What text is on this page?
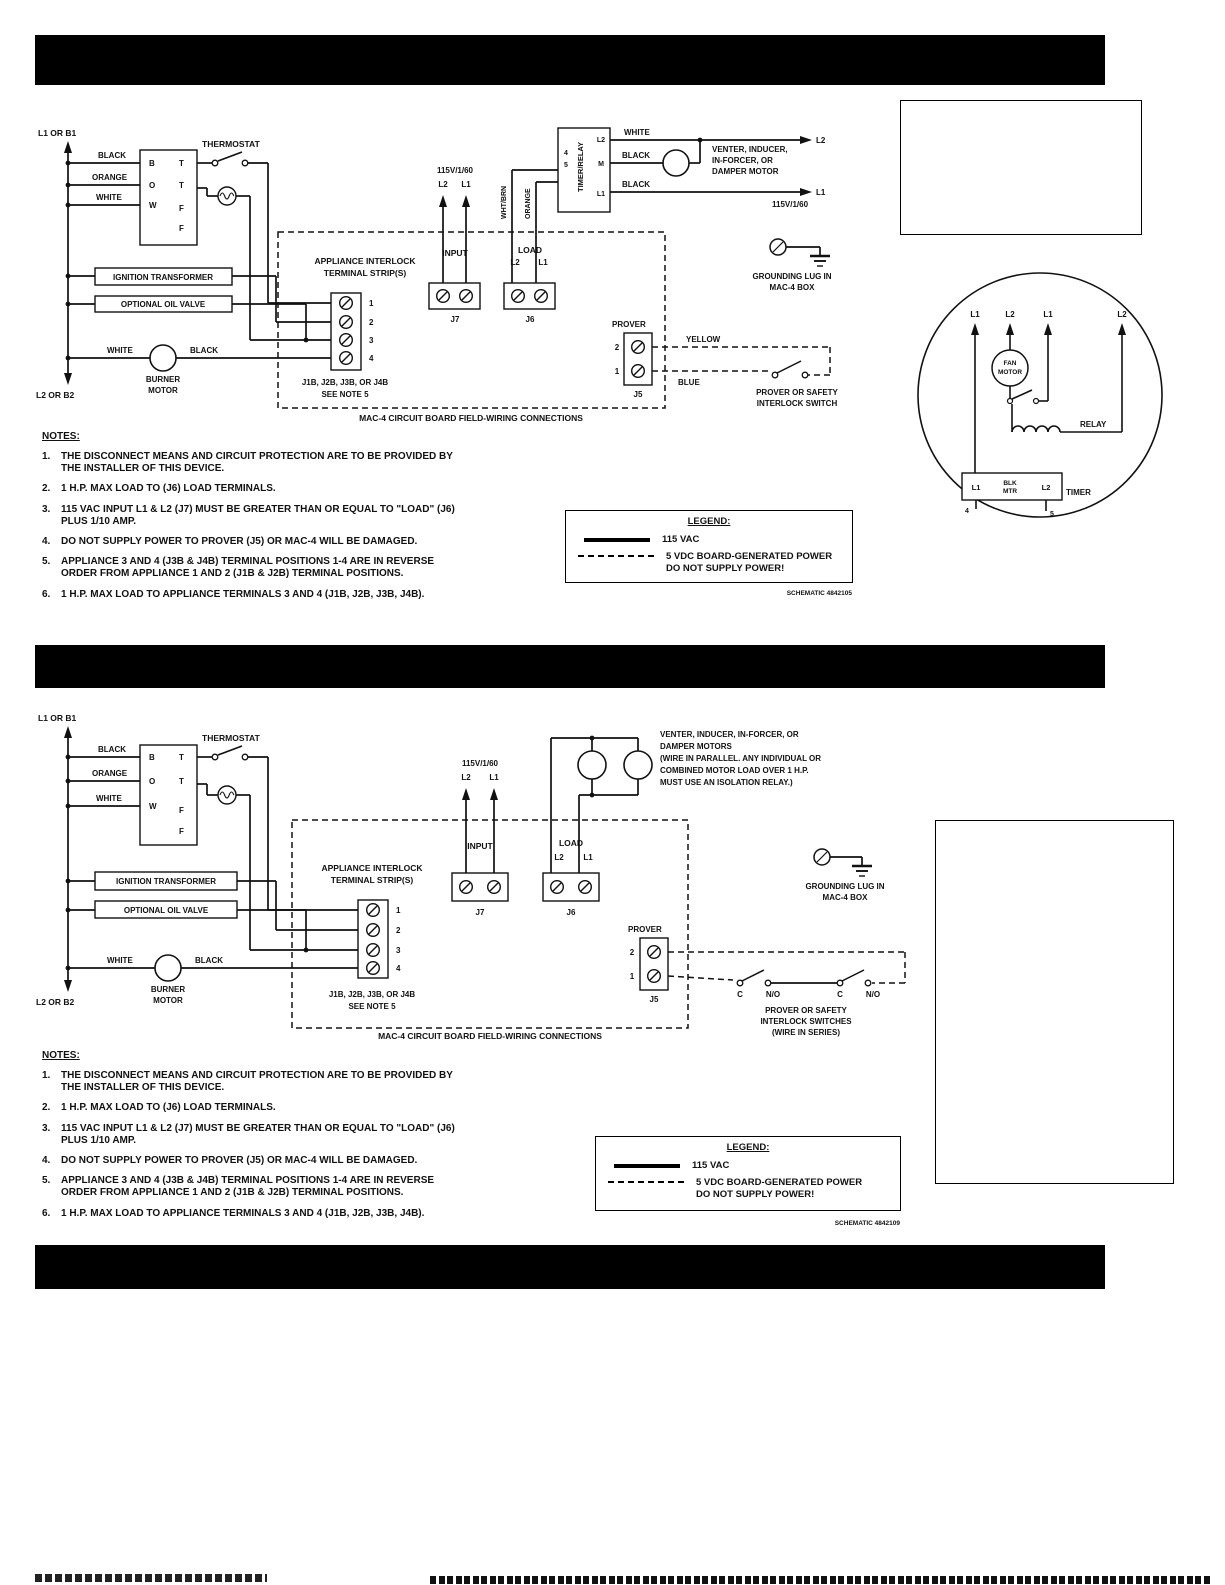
L1 OR B1
L2 OR B2
BLACK
ORANGE
WHITE
THERMOSTAT
B
O
W
T
T
F
F
IGNITION TRANSFORMER
OPTIONAL OIL VALVE
APPLIANCE INTERLOCK
TERMINAL STRIP(S)
1
2
3
4
J1B, J2B, J3B, OR J4B
SEE NOTE 5
WHITE	BLACK
BURNER
MOTOR
MAC-4 CIRCUIT BOARD FIELD-WIRING CONNECTIONS
115V/1/60
L2 L1
INPUT
J7
LOAD
L2 L1
J6
WHT/BRN ORANGE
TIMER/RELAY
4
5
L2
M
L1
WHITE
BLACK
BLACK
VENTER, INDUCER,
IN-FORCER, OR
DAMPER MOTOR
L2
L1
115V/1/60
GROUNDING LUG IN
MAC-4 BOX
PROVER
2
1
J5
YELLOW
BLUE
PROVER OR SAFETY
INTERLOCK SWITCH
L1	L2	L1	L2
FAN
MOTOR
RELAY
L1	BLK
MTR	L2
4	5
TIMER
NOTES:
1.	THE DISCONNECT MEANS AND CIRCUIT PROTECTION ARE TO BE PROVIDED BY THE INSTALLER OF THIS DEVICE.
2.	1 H.P. MAX LOAD TO (J6) LOAD TERMINALS.
3.	115 VAC INPUT L1 & L2 (J7) MUST BE GREATER THAN OR EQUAL TO "LOAD" (J6) PLUS 1/10 AMP.
4.	DO NOT SUPPLY POWER TO PROVER (J5) OR MAC-4 WILL BE DAMAGED.
5.	APPLIANCE 3 AND 4 (J3B & J4B) TERMINAL POSITIONS 1-4 ARE IN REVERSE ORDER FROM APPLIANCE 1 AND 2 (J1B & J2B) TERMINAL POSITIONS.
6.	1 H.P. MAX LOAD TO APPLIANCE TERMINALS 3 AND 4 (J1B, J2B, J3B, J4B).
LEGEND:
115 VAC
5 VDC BOARD-GENERATED POWER
DO NOT SUPPLY POWER!
SCHEMATIC 4842105
L1 OR B1
L2 OR B2
BLACK
ORANGE
WHITE
THERMOSTAT
B
O
W
T
T
F
F
IGNITION TRANSFORMER
OPTIONAL OIL VALVE
APPLIANCE INTERLOCK
TERMINAL STRIP(S)
1
2
3
4
J1B, J2B, J3B, OR J4B
SEE NOTE 5
WHITE	BLACK
BURNER
MOTOR
MAC-4 CIRCUIT BOARD FIELD-WIRING CONNECTIONS
115V/1/60
L2 L1
INPUT
J7
LOAD
L2 L1
J6
VENTER, INDUCER, IN-FORCER, OR
DAMPER MOTORS
(WIRE IN PARALLEL. ANY INDIVIDUAL OR
COMBINED MOTOR LOAD OVER 1 H.P.
MUST USE AN ISOLATION RELAY.)
GROUNDING LUG IN
MAC-4 BOX
PROVER
2
1
J5
C	N/O	C	N/O
PROVER OR SAFETY
INTERLOCK SWITCHES
(WIRE IN SERIES)
NOTES:
1.	THE DISCONNECT MEANS AND CIRCUIT PROTECTION ARE TO BE PROVIDED BY THE INSTALLER OF THIS DEVICE.
2.	1 H.P. MAX LOAD TO (J6) LOAD TERMINALS.
3.	115 VAC INPUT L1 & L2 (J7) MUST BE GREATER THAN OR EQUAL TO "LOAD" (J6) PLUS 1/10 AMP.
4.	DO NOT SUPPLY POWER TO PROVER (J5) OR MAC-4 WILL BE DAMAGED.
5.	APPLIANCE 3 AND 4 (J3B & J4B) TERMINAL POSITIONS 1-4 ARE IN REVERSE ORDER FROM APPLIANCE 1 AND 2 (J1B & J2B) TERMINAL POSITIONS.
6.	1 H.P. MAX LOAD TO APPLIANCE TERMINALS 3 AND 4 (J1B, J2B, J3B, J4B).
LEGEND:
115 VAC
5 VDC BOARD-GENERATED POWER
DO NOT SUPPLY POWER!
SCHEMATIC 4842109
